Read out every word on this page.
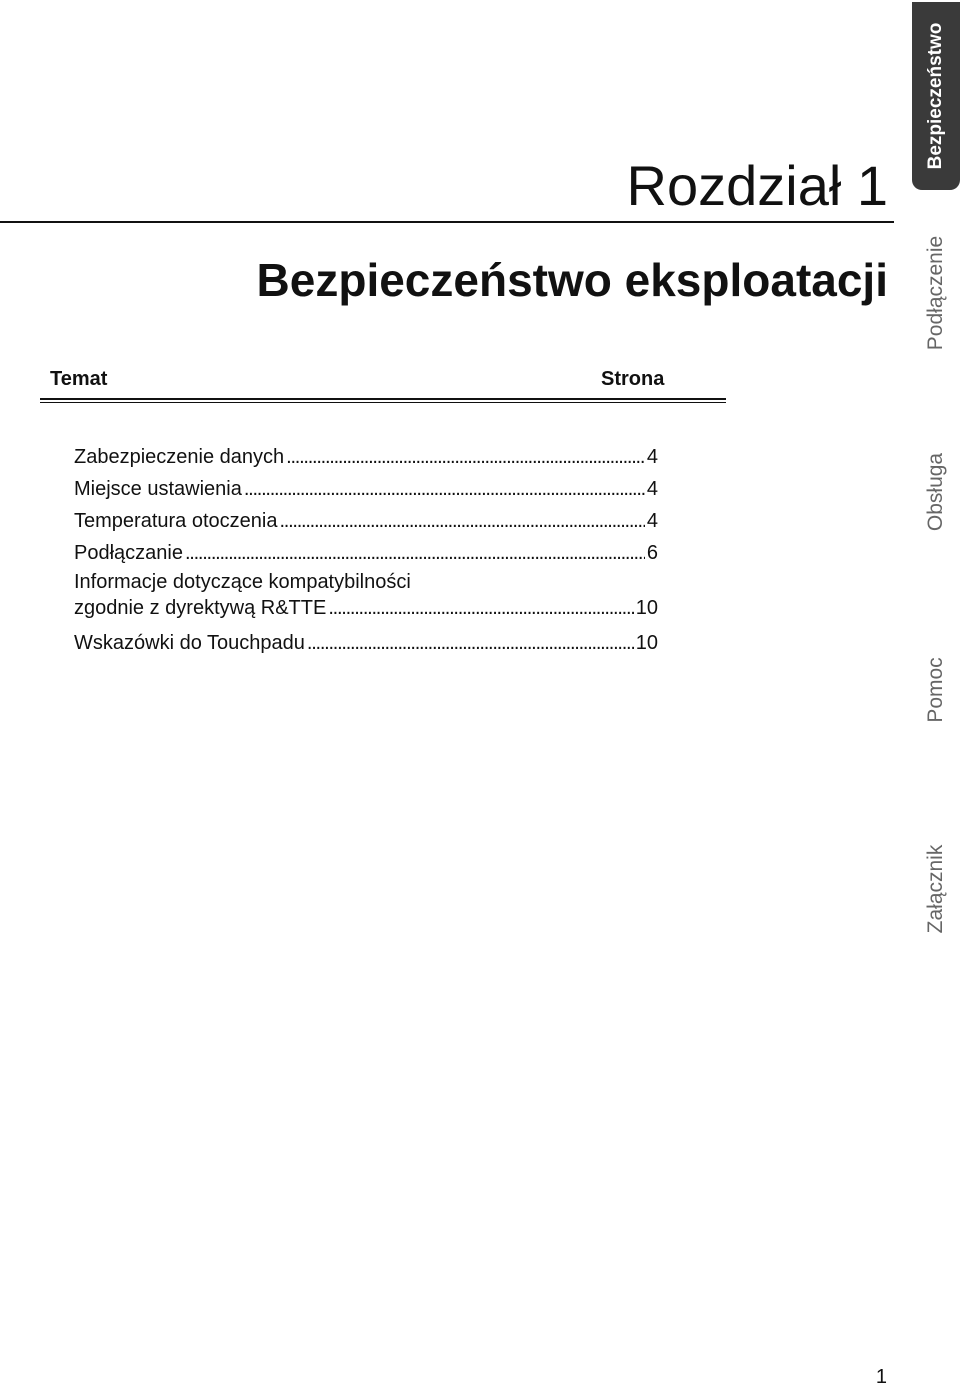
Rozdział 1
Bezpieczeństwo eksploatacji
Temat	Strona
Zabezpieczenie danych . . .	4
Miejsce ustawienia . . .	4
Temperatura otoczenia . . .	4
Podłączanie . . .	6
Informacje dotyczące kompatybilności
zgodnie z dyrektywą R&TTE . . .	10
Wskazówki do Touchpadu . . .	10
Bezpieczeństwo
Podłączenie
Obsługa
Pomoc
Załącznik
1
